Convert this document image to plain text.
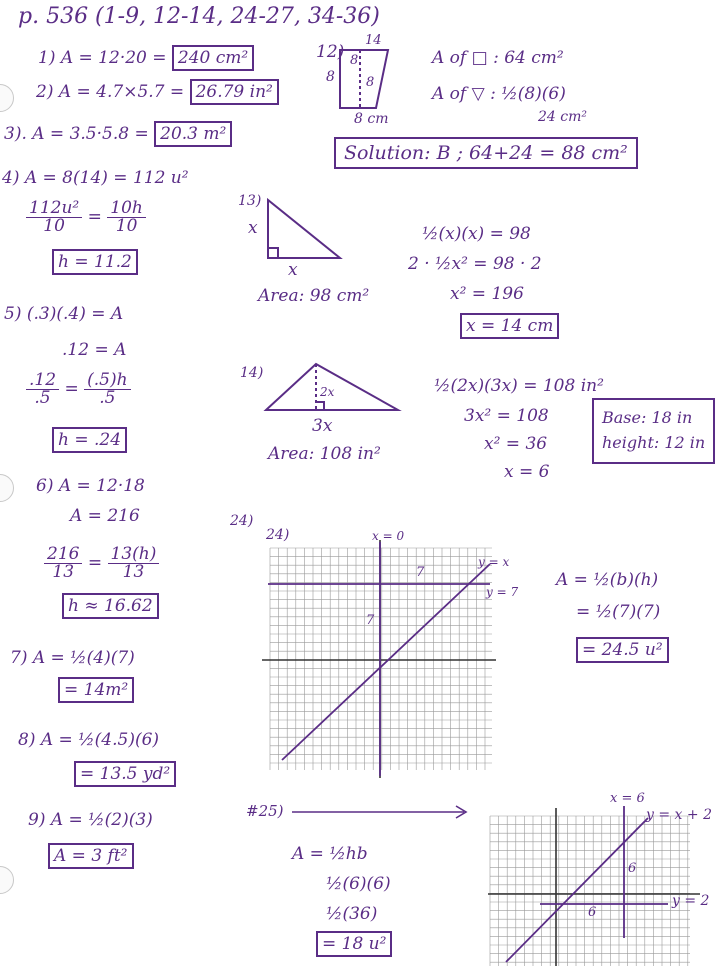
p. 536 (1-9, 12-14, 24-27, 34-36)
1) A = 12·20 = 240 cm²
2) A = 4.7×5.7 = 26.79 in²
3). A = 3.5·5.8 = 20.3 m²
4) A = 8(14) = 112 u²
$\frac{\text{112u²}}{10} = \frac{10h}{10}$
h = 11.2
5) (.3)(.4) = A
.12 = A
$\frac{.12}{.5} = \frac{(.5)h}{.5}$
h = .24
6) A = 12·18
A = 216
$\frac{216}{13} = \frac{13(h)}{13}$
h ≈ 16.62
7) A = ½(4)(7)
= 14m²
8) A = ½(4.5)(6)
= 13.5 yd²
9) A = ½(2)(3)
A = 3 ft²
12)
14
8
8
8
8 cm
A of □ : 64 cm²
A of ▽ : ½(8)(6)
24 cm²
Solution: B ; 64+24 = 88 cm²
13)
x
x
Area: 98 cm²
½(x)(x) = 98
2 · ½x² = 98 · 2
x² = 196
x = 14 cm
14)
2x
3x
Area: 108 in²
½(2x)(3x) = 108 in²
3x² = 108
x² = 36
x = 6
Base: 18 in
height: 12 in
24)
24)	x = 0
y = x
y = 7
7
7
A = ½(b)(h)
= ½(7)(7)
= 24.5 u²
#25)
A = ½hb
½(6)(6)
½(36)
= 18 u²
x = 6
y = x + 2
y = 2
6
6
